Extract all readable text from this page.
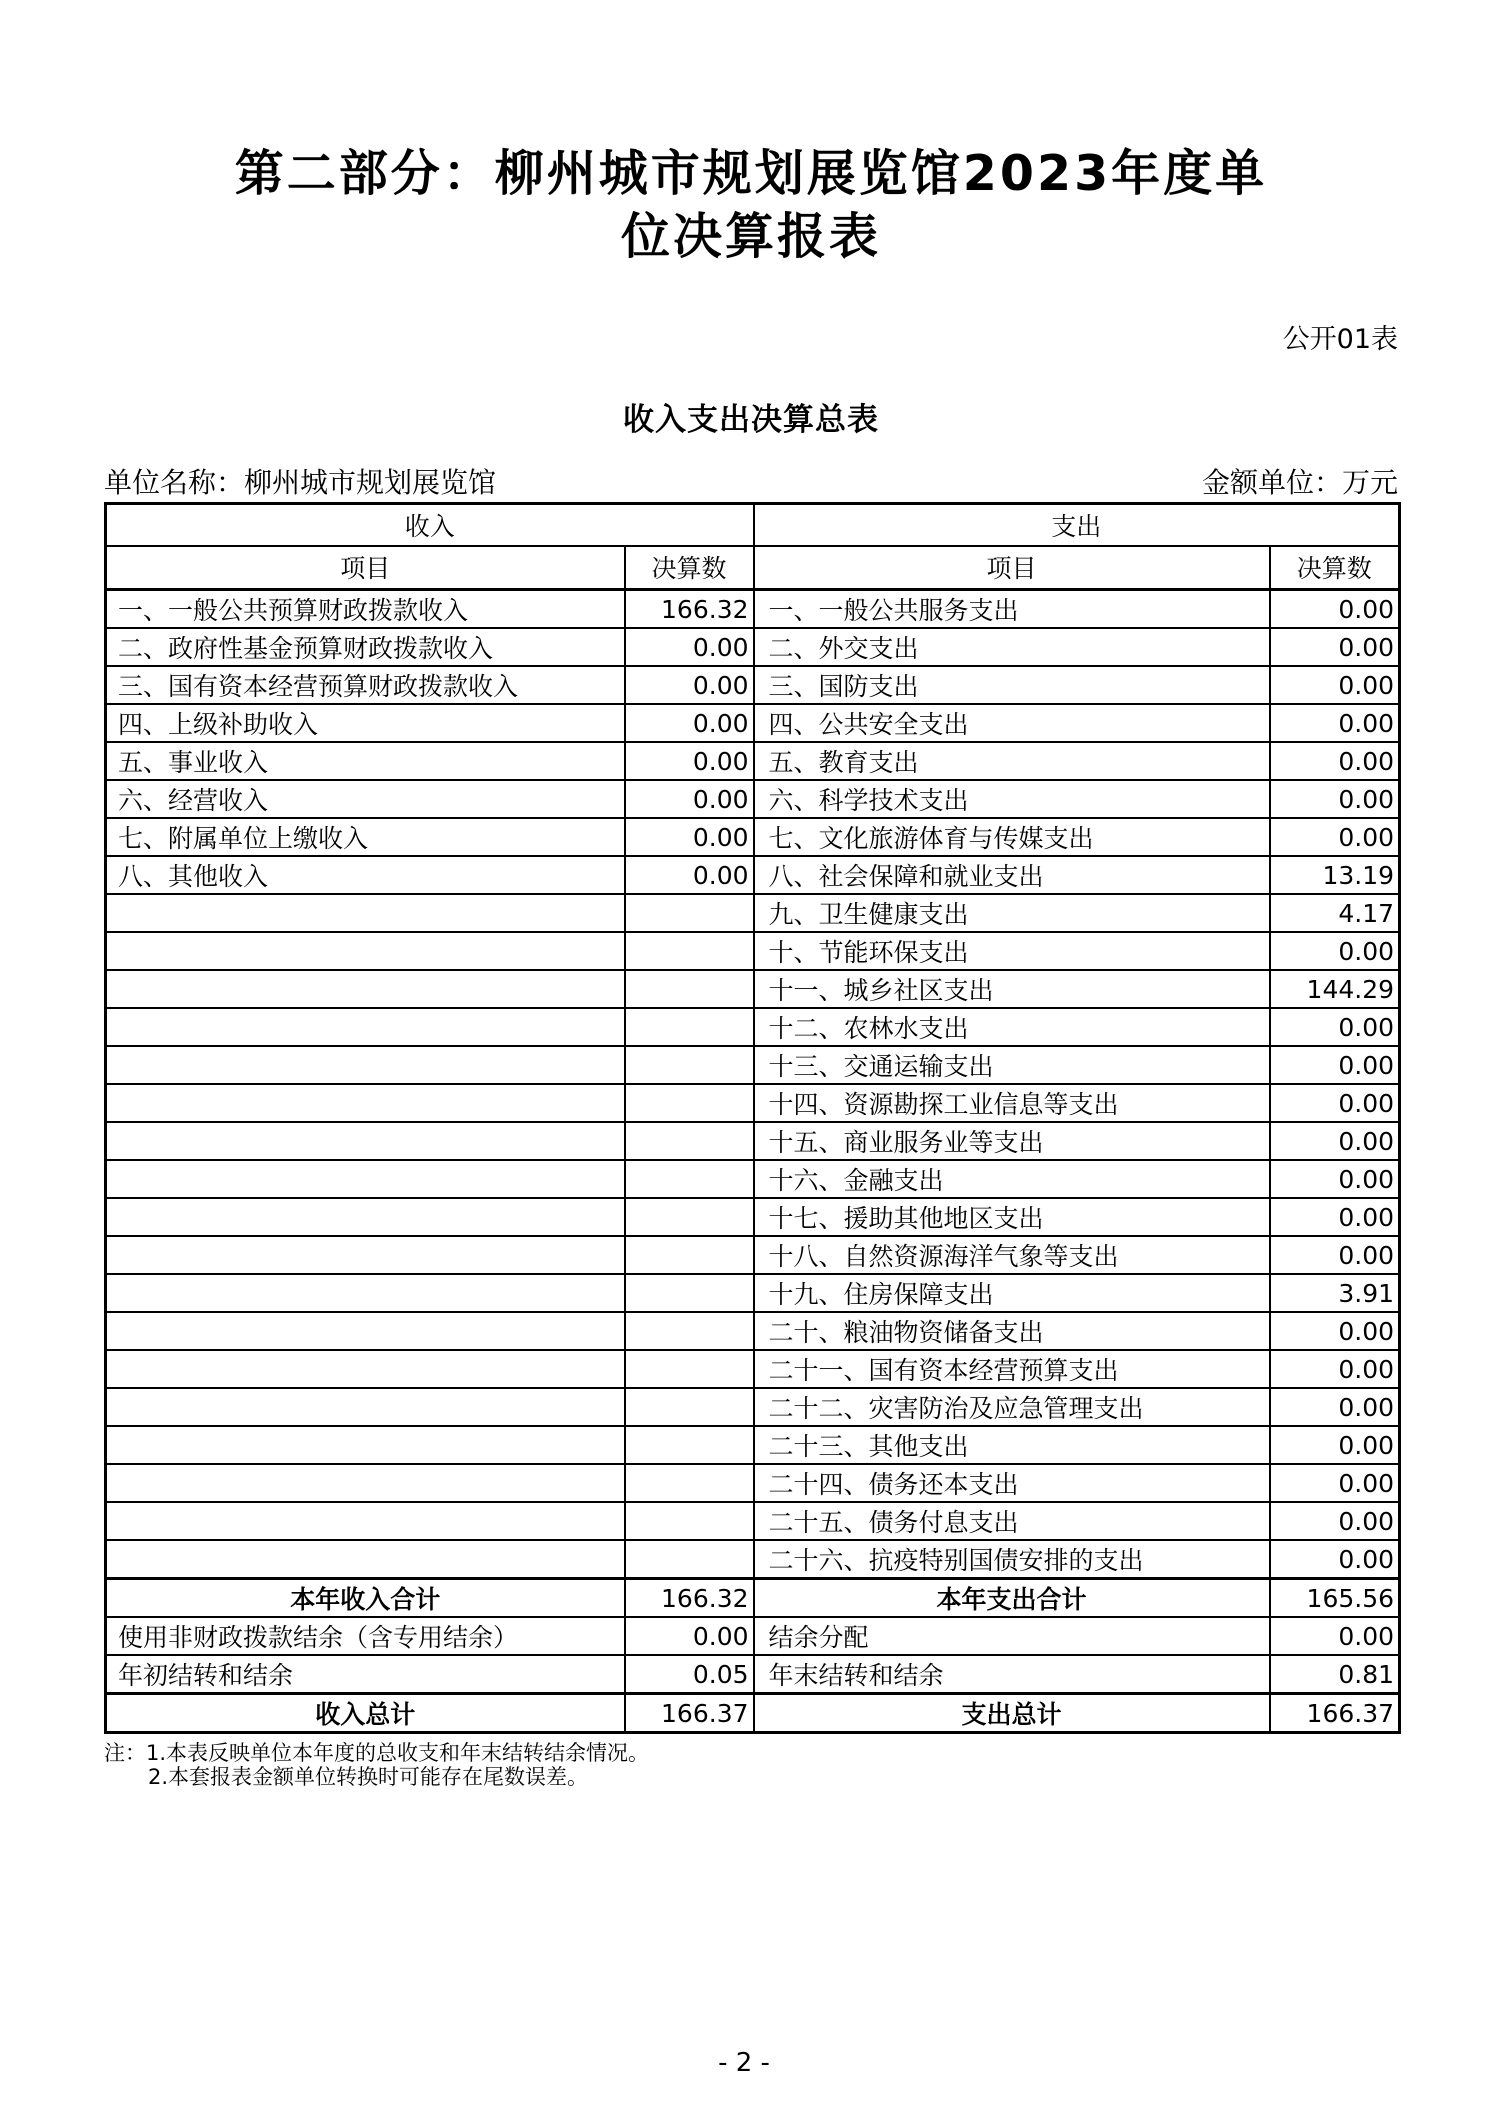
第二部分：柳州城市规划展览馆2023年度单
位决算报表
公开01表
收入支出决算总表
单位名称：柳州城市规划展览馆	金额单位：万元
收入		支出	
项目	决算数	项目	决算数
一、一般公共预算财政拨款收入	166.32	一、一般公共服务支出	0.00
二、政府性基金预算财政拨款收入	0.00	二、外交支出	0.00
三、国有资本经营预算财政拨款收入	0.00	三、国防支出	0.00
四、上级补助收入	0.00	四、公共安全支出	0.00
五、事业收入	0.00	五、教育支出	0.00
六、经营收入	0.00	六、科学技术支出	0.00
七、附属单位上缴收入	0.00	七、文化旅游体育与传媒支出	0.00
八、其他收入	0.00	八、社会保障和就业支出	13.19
		九、卫生健康支出	4.17
		十、节能环保支出	0.00
		十一、城乡社区支出	144.29
		十二、农林水支出	0.00
		十三、交通运输支出	0.00
		十四、资源勘探工业信息等支出	0.00
		十五、商业服务业等支出	0.00
		十六、金融支出	0.00
		十七、援助其他地区支出	0.00
		十八、自然资源海洋气象等支出	0.00
		十九、住房保障支出	3.91
		二十、粮油物资储备支出	0.00
		二十一、国有资本经营预算支出	0.00
		二十二、灾害防治及应急管理支出	0.00
		二十三、其他支出	0.00
		二十四、债务还本支出	0.00
		二十五、债务付息支出	0.00
		二十六、抗疫特别国债安排的支出	0.00
本年收入合计	166.32	本年支出合计	165.56
使用非财政拨款结余（含专用结余）	0.00	结余分配	0.00
年初结转和结余	0.05	年末结转和结余	0.81
收入总计	166.37	支出总计	166.37
注：1.本表反映单位本年度的总收支和年末结转结余情况。
2.本套报表金额单位转换时可能存在尾数误差。
- 2 -
